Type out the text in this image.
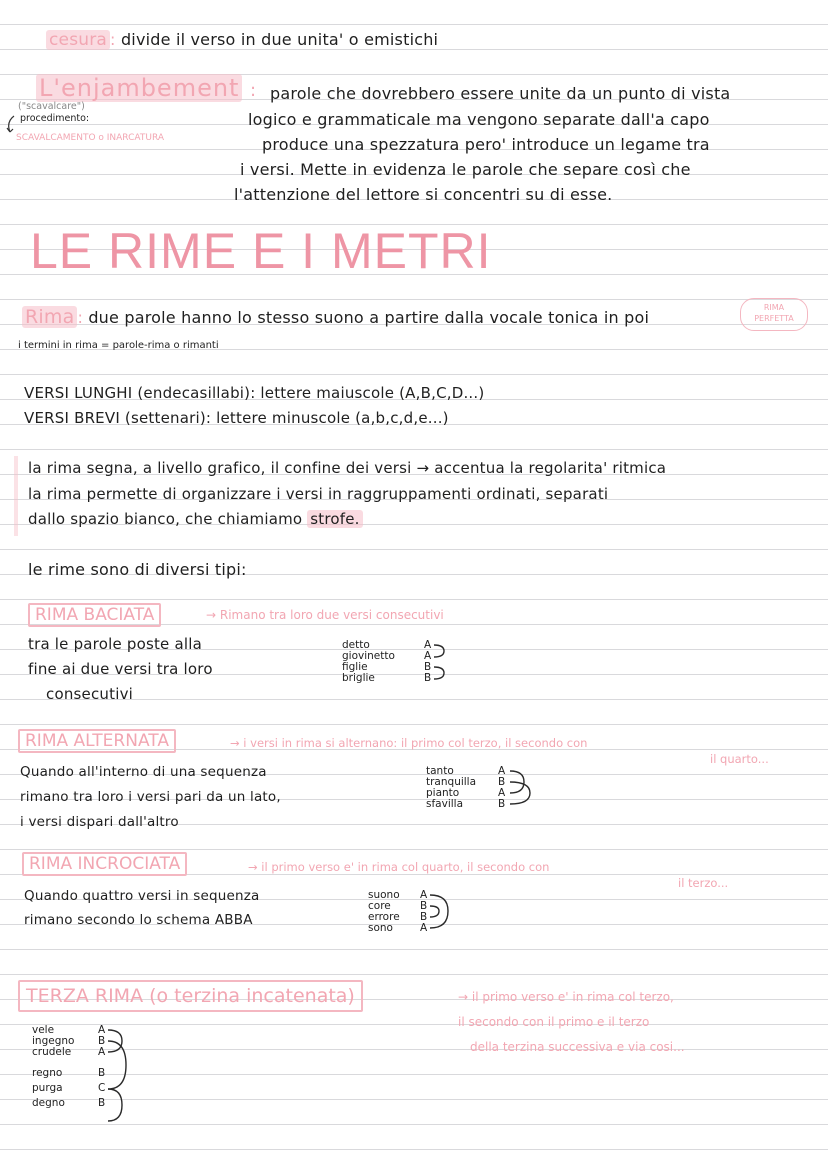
cesura : divide il verso in due unita' o emistichi
L'enjambement :
("scavalcare")
procedimento:
SCAVALCAMENTO o INARCATURA
parole che dovrebbero essere unite da un punto di vista
logico e grammaticale ma vengono separate dall'a capo
produce una spezzatura pero' introduce un legame tra
i versi. Mette in evidenza le parole che separe così che
l'attenzione del lettore si concentri su di esse.
LE RIME E I METRI
Rima : due parole hanno lo stesso suono a partire dalla vocale tonica in poi
RIMA
PERFETTA
i termini in rima = parole-rima o rimanti
VERSI LUNGHI (endecasillabi): lettere maiuscole (A,B,C,D...)
VERSI BREVI (settenari): lettere minuscole (a,b,c,d,e...)
la rima segna, a livello grafico, il confine dei versi → accentua la regolarita' ritmica
la rima permette di organizzare i versi in raggruppamenti ordinati, separati
dallo spazio bianco, che chiamiamo strofe.
le rime sono di diversi tipi:
RIMA BACIATA	→ Rimano tra loro due versi consecutivi
tra le parole poste alla
fine ai due versi tra loro
consecutivi
detto	A
giovinetto	A
figlie	B
briglie	B
RIMA ALTERNATA	→ i versi in rima si alternano: il primo col terzo, il secondo con
il quarto...
Quando all'interno di una sequenza
rimano tra loro i versi pari da un lato,
i versi dispari dall'altro
tanto	A
tranquilla B
pianto	A
sfavilla	B
RIMA INCROCIATA	→ il primo verso e' in rima col quarto, il secondo con
il terzo...
Quando quattro versi in sequenza
rimano secondo lo schema ABBA
suono A
core	B
errore B
sono	A
TERZA RIMA (o terzina incatenata)	→ il primo verso e' in rima col terzo,
il secondo con il primo e il terzo
della terzina successiva e via cosi...
vele	A
ingegno B
crudele	A
regno	B
purga	C
degno	B
